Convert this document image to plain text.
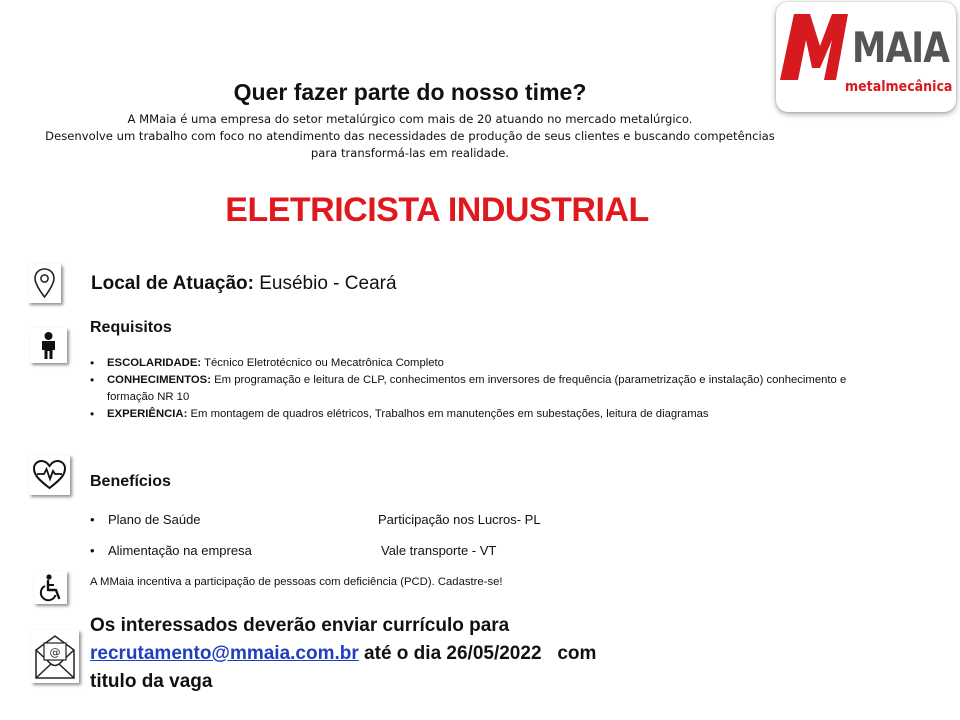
MAIA
metalmecânica
Quer fazer parte do nosso time?
A MMaia é uma empresa do setor metalúrgico com mais de 20 atuando no mercado metalúrgico.
Desenvolve um trabalho com foco no atendimento das necessidades de produção de seus clientes e buscando competências
para transformá-las em realidade.
ELETRICISTA INDUSTRIAL
Local de Atuação: Eusébio - Ceará
Requisitos
• ESCOLARIDADE: Técnico Eletrotécnico ou Mecatrônica Completo
• CONHECIMENTOS: Em programação e leitura de CLP, conhecimentos em inversores de frequência (parametrização e instalação) conhecimento e formação NR 10
• EXPERIÊNCIA: Em montagem de quadros elétricos, Trabalhos em manutenções em subestações, leitura de diagramas
Benefícios
• Plano de Saúde	Participação nos Lucros- PL
• Alimentação na empresa	Vale transporte - VT
A MMaia incentiva a participação de pessoas com deficiência (PCD). Cadastre-se!
@
Os interessados deverão enviar currículo para
recrutamento@mmaia.com.br até o dia 26/05/2022   com
titulo da vaga
